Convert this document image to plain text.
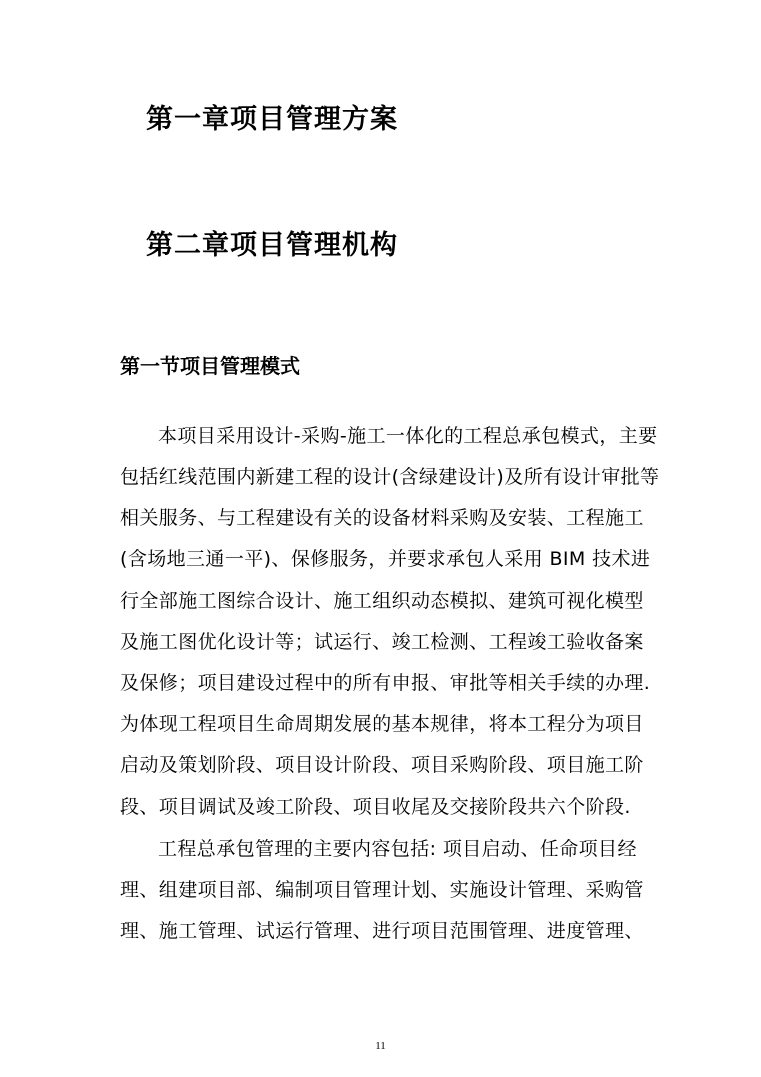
第一章项目管理方案
第二章项目管理机构
第一节项目管理模式
本项目采用设计-采购-施工一体化的工程总承包模式，主要
包括红线范围内新建工程的设计(含绿建设计)及所有设计审批等
相关服务、与工程建设有关的设备材料采购及安装、工程施工
(含场地三通一平)、保修服务，并要求承包人采用 BIM 技术进
行全部施工图综合设计、施工组织动态模拟、建筑可视化模型
及施工图优化设计等；试运行、竣工检测、工程竣工验收备案
及保修；项目建设过程中的所有申报、审批等相关手续的办理.
为体现工程项目生命周期发展的基本规律，将本工程分为项目
启动及策划阶段、项目设计阶段、项目采购阶段、项目施工阶
段、项目调试及竣工阶段、项目收尾及交接阶段共六个阶段.
工程总承包管理的主要内容包括: 项目启动、任命项目经
理、组建项目部、编制项目管理计划、实施设计管理、采购管
理、施工管理、试运行管理、进行项目范围管理、进度管理、
11
